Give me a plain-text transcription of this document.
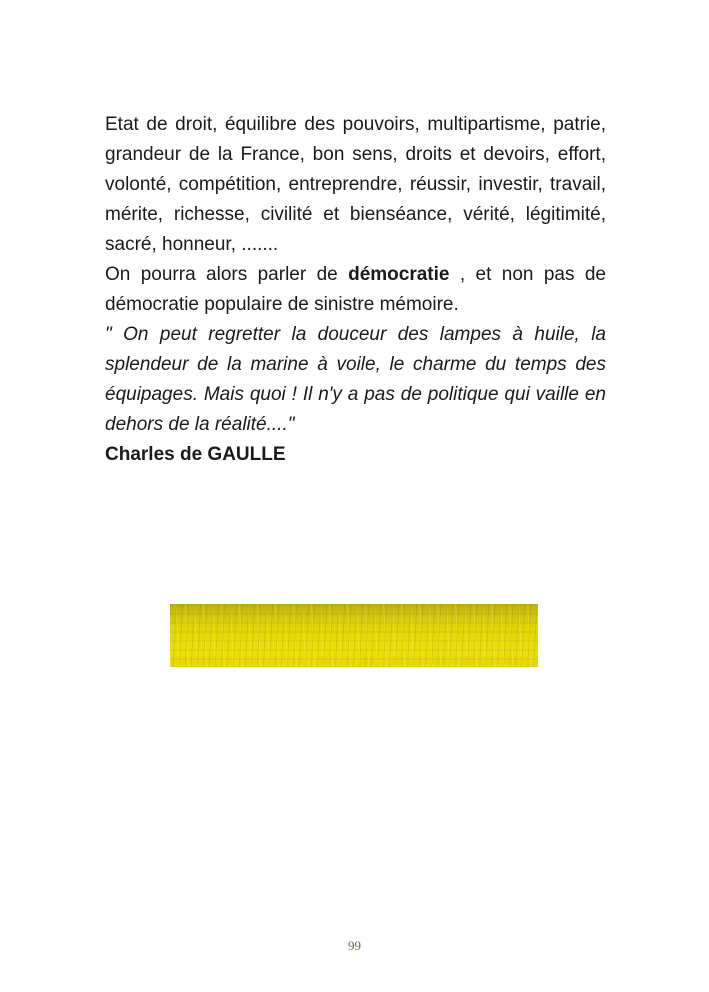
Etat de droit, équilibre des pouvoirs, multipartisme, patrie, grandeur de la France, bon sens, droits et devoirs, effort, volonté, compétition, entreprendre, réussir, investir, travail, mérite, richesse, civilité et bienséance, vérité, légitimité, sacré, honneur, .......

On pourra alors parler de démocratie , et non pas de démocratie populaire de sinistre mémoire.

" On peut regretter la douceur des lampes à huile, la splendeur de la marine à voile, le charme du temps des équipages. Mais quoi ! Il n'y a pas de politique qui vaille en dehors de la réalité...."

Charles de GAULLE

99
